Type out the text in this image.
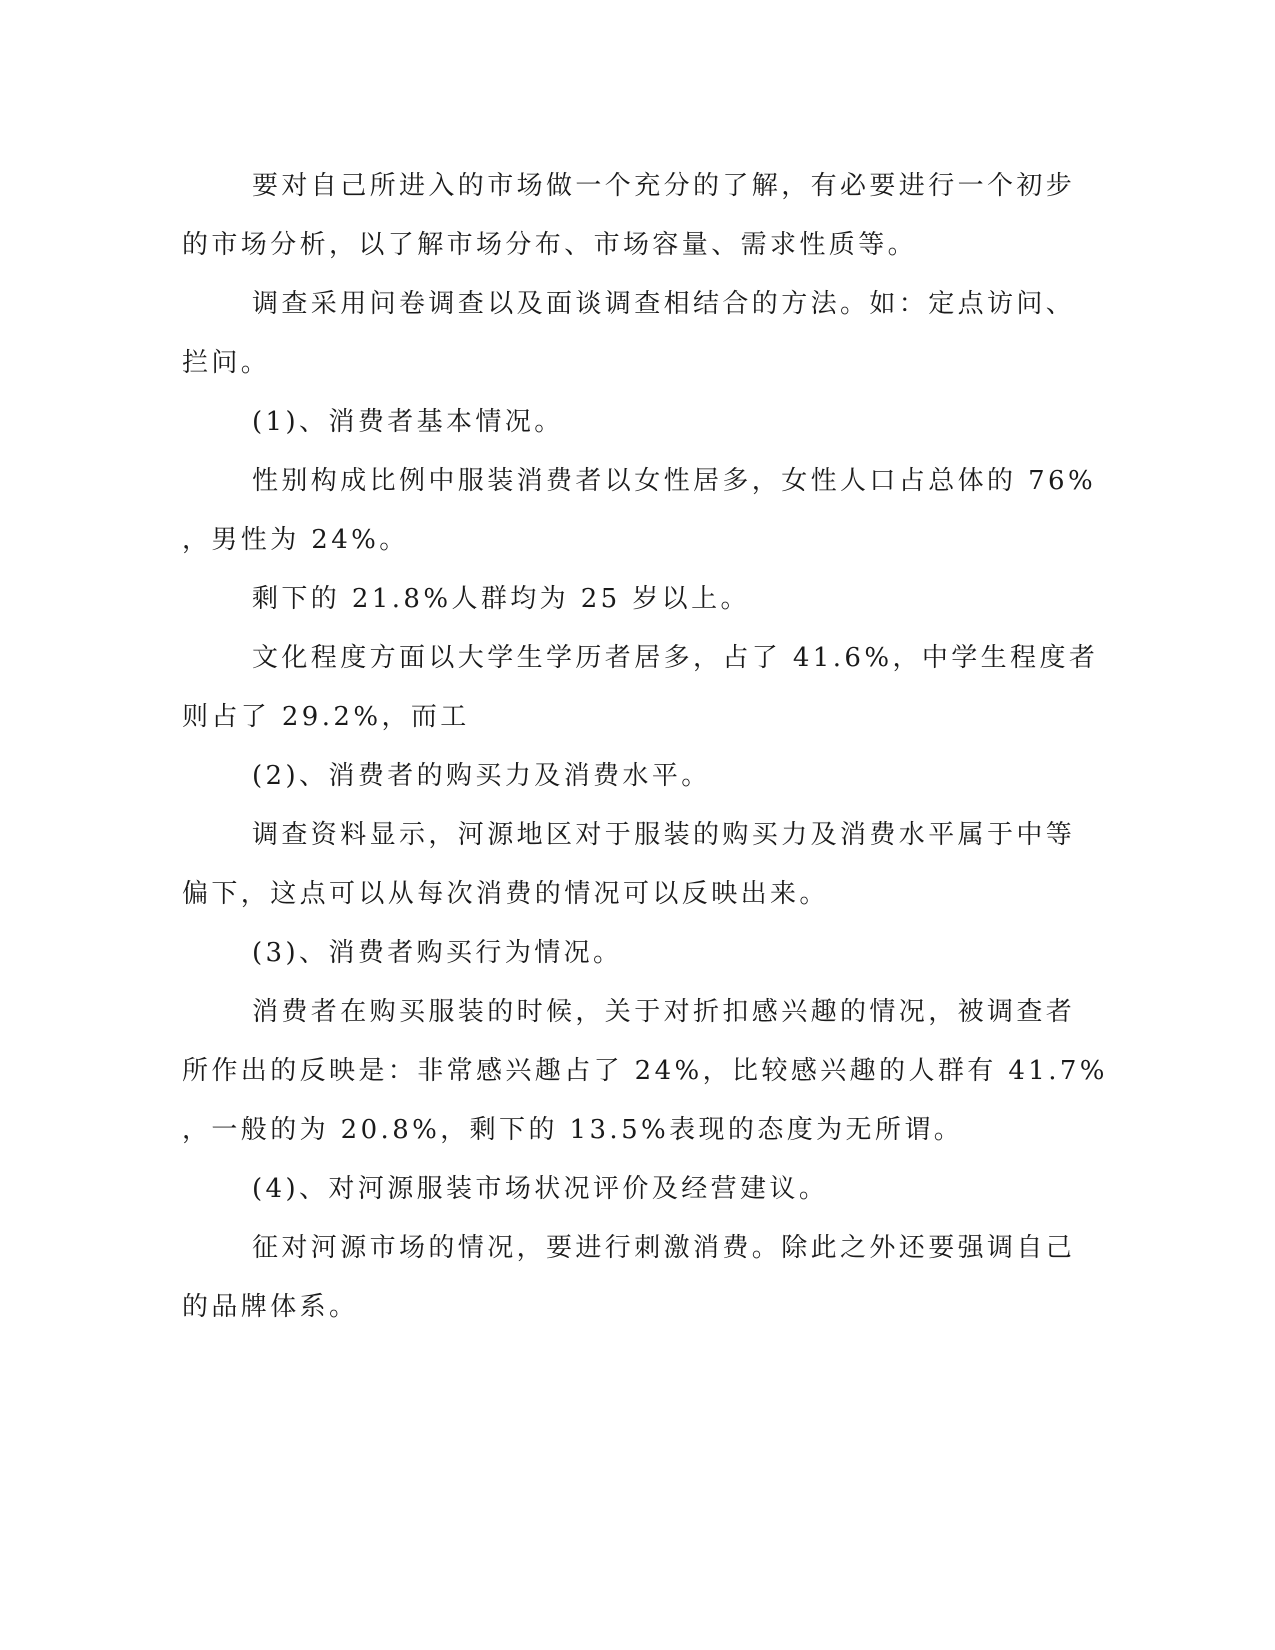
要对自己所进入的市场做一个充分的了解，有必要进行一个初步

的市场分析，以了解市场分布、市场容量、需求性质等。

调查采用问卷调查以及面谈调查相结合的方法。如：定点访问、

拦问。

(1)、消费者基本情况。

性别构成比例中服装消费者以女性居多，女性人口占总体的 76%

，男性为 24%。

剩下的 21.8%人群均为 25 岁以上。

文化程度方面以大学生学历者居多，占了 41.6%，中学生程度者

则占了 29.2%，而工

(2)、消费者的购买力及消费水平。

调查资料显示，河源地区对于服装的购买力及消费水平属于中等

偏下，这点可以从每次消费的情况可以反映出来。

(3)、消费者购买行为情况。

消费者在购买服装的时候，关于对折扣感兴趣的情况，被调查者

所作出的反映是：非常感兴趣占了 24%，比较感兴趣的人群有 41.7%

，一般的为 20.8%，剩下的 13.5%表现的态度为无所谓。

(4)、对河源服装市场状况评价及经营建议。

征对河源市场的情况，要进行刺激消费。除此之外还要强调自己

的品牌体系。
